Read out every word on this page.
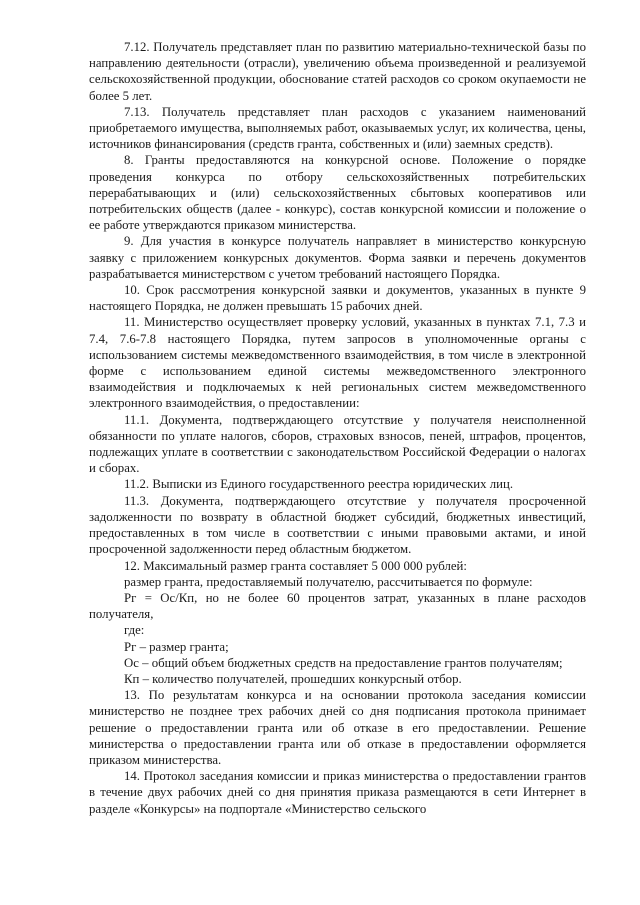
7.12. Получатель представляет план по развитию материально-технической базы по направлению деятельности (отрасли), увеличению объема произведенной и реализуемой сельскохозяйственной продукции, обоснование статей расходов со сроком окупаемости не более 5 лет.

7.13. Получатель представляет план расходов с указанием наименований приобретаемого имущества, выполняемых работ, оказываемых услуг, их количества, цены, источников финансирования (средств гранта, собственных и (или) заемных средств).

8. Гранты предоставляются на конкурсной основе. Положение о порядке проведения конкурса по отбору сельскохозяйственных потребительских перерабатывающих и (или) сельскохозяйственных сбытовых кооперативов или потребительских обществ (далее - конкурс), состав конкурсной комиссии и положение о ее работе утверждаются приказом министерства.

9. Для участия в конкурсе получатель направляет в министерство конкурсную заявку с приложением конкурсных документов. Форма заявки и перечень документов разрабатывается министерством с учетом требований настоящего Порядка.

10. Срок рассмотрения конкурсной заявки и документов, указанных в пункте 9 настоящего Порядка, не должен превышать 15 рабочих дней.

11. Министерство осуществляет проверку условий, указанных в пунктах 7.1, 7.3 и 7.4, 7.6-7.8 настоящего Порядка, путем запросов в уполномоченные органы с использованием системы межведомственного взаимодействия, в том числе в электронной форме с использованием единой системы межведомственного электронного взаимодействия и подключаемых к ней региональных систем межведомственного электронного взаимодействия, о предоставлении:

11.1. Документа, подтверждающего отсутствие у получателя неисполненной обязанности по уплате налогов, сборов, страховых взносов, пеней, штрафов, процентов, подлежащих уплате в соответствии с законодательством Российской Федерации о налогах и сборах.

11.2. Выписки из Единого государственного реестра юридических лиц.

11.3. Документа, подтверждающего отсутствие у получателя просроченной задолженности по возврату в областной бюджет субсидий, бюджетных инвестиций, предоставленных в том числе в соответствии с иными правовыми актами, и иной просроченной задолженности перед областным бюджетом.

12. Максимальный размер гранта составляет 5 000 000 рублей:

размер гранта, предоставляемый получателю, рассчитывается по формуле:

Рг = Ос/Кп, но не более 60 процентов затрат, указанных в плане расходов получателя,

где:

Рг – размер гранта;

Ос – общий объем бюджетных средств на предоставление грантов получателям;

Кп – количество получателей, прошедших конкурсный отбор.

13. По результатам конкурса и на основании протокола заседания комиссии министерство не позднее трех рабочих дней со дня подписания протокола принимает решение о предоставлении гранта или об отказе в его предоставлении. Решение министерства о предоставлении гранта или об отказе в предоставлении оформляется приказом министерства.

14. Протокол заседания комиссии и приказ министерства о предоставлении грантов в течение двух рабочих дней со дня принятия приказа размещаются в сети Интернет в разделе «Конкурсы» на подпортале «Министерство сельского
